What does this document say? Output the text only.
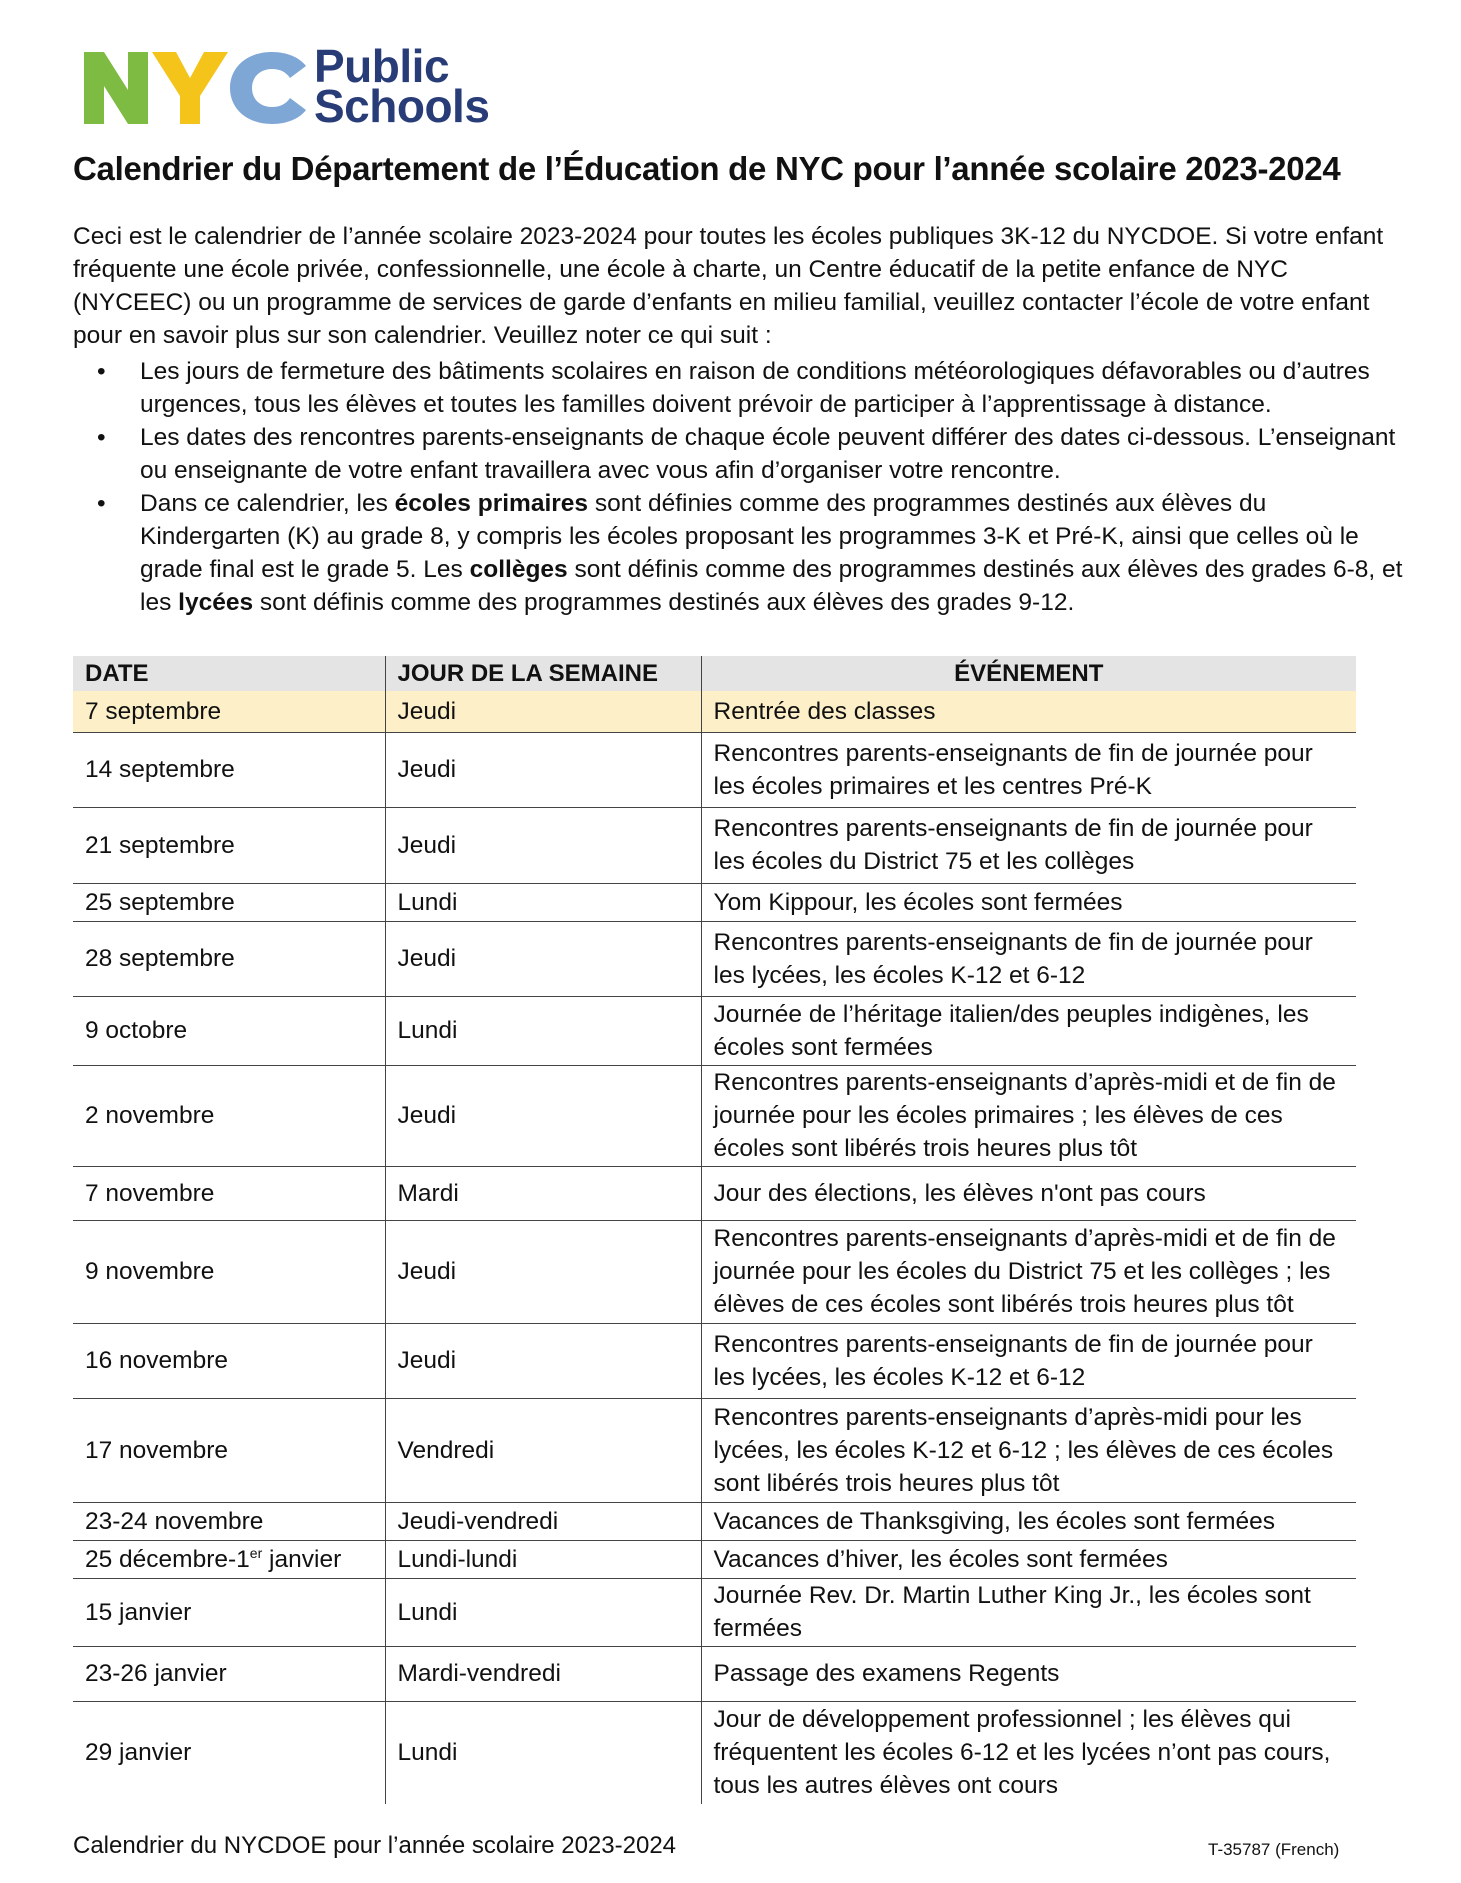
Public
Schools
Calendrier du Département de l’Éducation de NYC pour l’année scolaire 2023-2024

Ceci est le calendrier de l’année scolaire 2023-2024 pour toutes les écoles publiques 3K-12 du NYCDOE. Si votre enfant fréquente une école privée, confessionnelle, une école à charte, un Centre éducatif de la petite enfance de NYC (NYCEEC) ou un programme de services de garde d’enfants en milieu familial, veuillez contacter l’école de votre enfant pour en savoir plus sur son calendrier. Veuillez noter ce qui suit :

• Les jours de fermeture des bâtiments scolaires en raison de conditions météorologiques défavorables ou d’autres urgences, tous les élèves et toutes les familles doivent prévoir de participer à l’apprentissage à distance.
• Les dates des rencontres parents-enseignants de chaque école peuvent différer des dates ci-dessous. L’enseignant ou enseignante de votre enfant travaillera avec vous afin d’organiser votre rencontre.
• Dans ce calendrier, les écoles primaires sont définies comme des programmes destinés aux élèves du Kindergarten (K) au grade 8, y compris les écoles proposant les programmes 3-K et Pré-K, ainsi que celles où le grade final est le grade 5. Les collèges sont définis comme des programmes destinés aux élèves des grades 6-8, et les lycées sont définis comme des programmes destinés aux élèves des grades 9-12.
DATE	JOUR DE LA SEMAINE	ÉVÉNEMENT
7 septembre	Jeudi	Rentrée des classes
14 septembre	Jeudi	Rencontres parents-enseignants de fin de journée pour les écoles primaires et les centres Pré-K
21 septembre	Jeudi	Rencontres parents-enseignants de fin de journée pour les écoles du District 75 et les collèges
25 septembre	Lundi	Yom Kippour, les écoles sont fermées
28 septembre	Jeudi	Rencontres parents-enseignants de fin de journée pour les lycées, les écoles K-12 et 6-12
9 octobre	Lundi	Journée de l’héritage italien/des peuples indigènes, les écoles sont fermées
2 novembre	Jeudi	Rencontres parents-enseignants d’après-midi et de fin de journée pour les écoles primaires ; les élèves de ces écoles sont libérés trois heures plus tôt
7 novembre	Mardi	Jour des élections, les élèves n'ont pas cours
9 novembre	Jeudi	Rencontres parents-enseignants d’après-midi et de fin de journée pour les écoles du District 75 et les collèges ; les élèves de ces écoles sont libérés trois heures plus tôt
16 novembre	Jeudi	Rencontres parents-enseignants de fin de journée pour les lycées, les écoles K-12 et 6-12
17 novembre	Vendredi	Rencontres parents-enseignants d’après-midi pour les lycées, les écoles K-12 et 6-12 ; les élèves de ces écoles sont libérés trois heures plus tôt
23-24 novembre	Jeudi-vendredi	Vacances de Thanksgiving, les écoles sont fermées
25 décembre-1er janvier	Lundi-lundi	Vacances d’hiver, les écoles sont fermées
15 janvier	Lundi	Journée Rev. Dr. Martin Luther King Jr., les écoles sont fermées
23-26 janvier	Mardi-vendredi	Passage des examens Regents
29 janvier	Lundi	Jour de développement professionnel ; les élèves qui fréquentent les écoles 6-12 et les lycées n’ont pas cours, tous les autres élèves ont cours
Calendrier du NYCDOE pour l’année scolaire 2023-2024	T-35787 (French)
